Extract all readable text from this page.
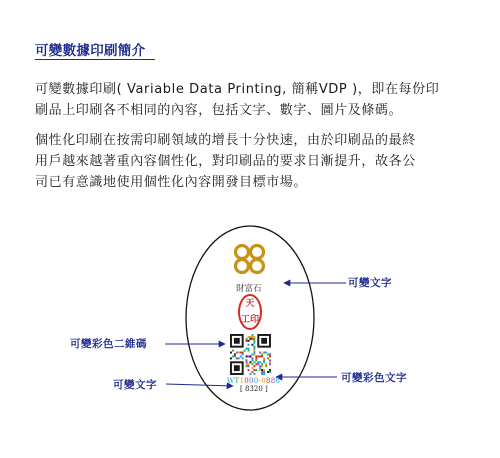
可變數據印刷簡介
可變數據印刷( Variable Data Printing, 簡稱VDP )，即在每份印
刷品上印刷各不相同的內容，包括文字、數字、圖片及條碼。
個性化印刷在按需印刷領域的增長十分快速，由於印刷品的最終
用戶越來越著重內容個性化，對印刷品的要求日漸提升，故各公
司已有意識地使用個性化內容開發目標市場。
天
工印
財富石
WT1000-0888
[ 8320 ]
可變文字
可變彩色二維碼
可變彩色文字
可變文字
